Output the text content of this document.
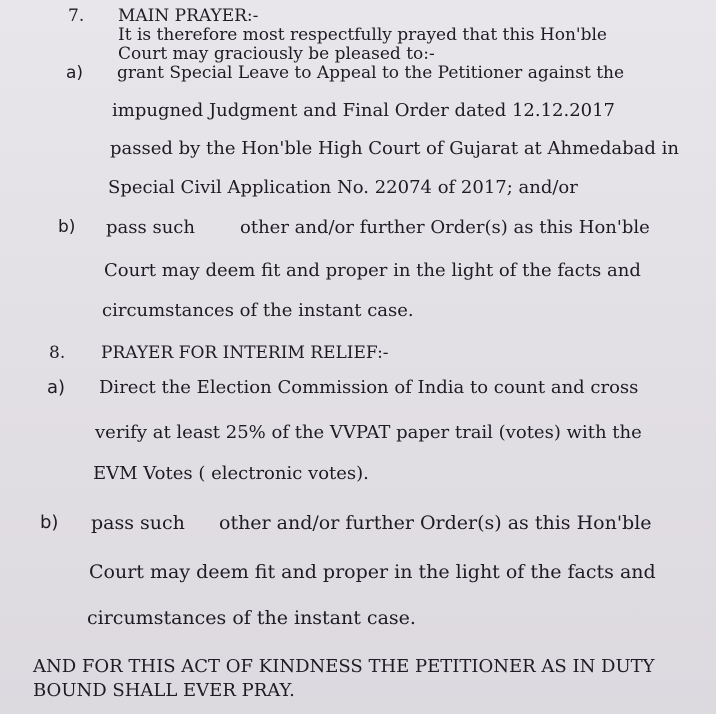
7. MAIN PRAYER:-
It is therefore most respectfully prayed that this Hon'ble
Court may graciously be pleased to:-
a) grant Special Leave to Appeal to the Petitioner against the
impugned Judgment and Final Order dated 12.12.2017
passed by the Hon'ble High Court of Gujarat at Ahmedabad in
Special Civil Application No. 22074 of 2017; and/or
b) pass such	other and/or further Order(s) as this Hon'ble
Court may deem fit and proper in the light of the facts and
circumstances of the instant case.
8. PRAYER FOR INTERIM RELIEF:-
a) Direct the Election Commission of India to count and cross
verify at least 25% of the VVPAT paper trail (votes) with the
EVM Votes ( electronic votes).
b) pass such other and/or further Order(s) as this Hon'ble
Court may deem fit and proper in the light of the facts and
circumstances of the instant case.
AND FOR THIS ACT OF KINDNESS THE PETITIONER AS IN DUTY
BOUND SHALL EVER PRAY.
